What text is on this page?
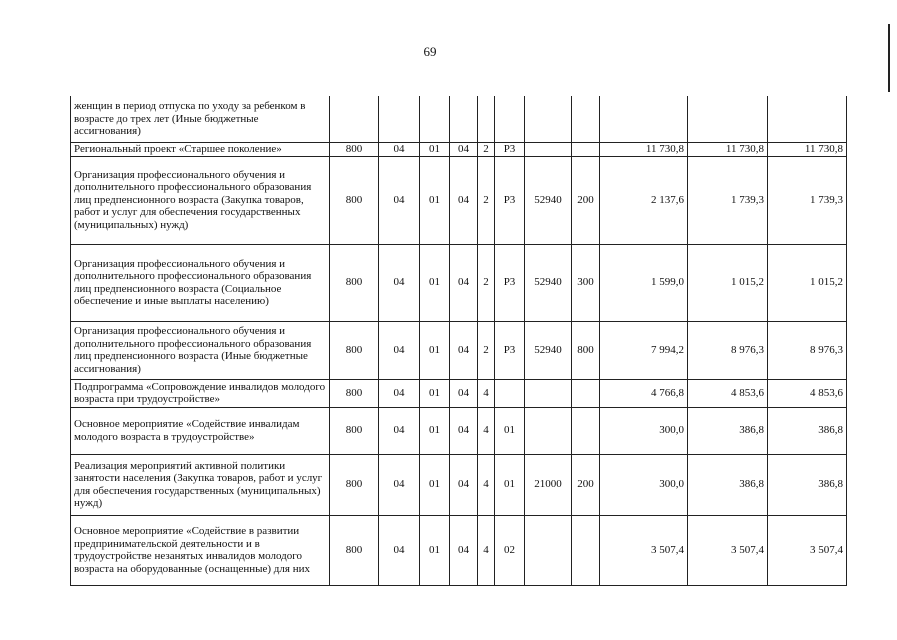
69
женщин в период отпуска по уходу за ребенком в возрасте до трех лет (Иные бюджетные ассигнования)											
Региональный проект «Старшее поколение»	800	04	01	04	2	P3			11 730,8	11 730,8	11 730,8
Организация профессионального обучения и дополнительного профессионального образования лиц предпенсионного возраста (Закупка товаров, работ и услуг для обеспечения государственных (муниципальных) нужд)	800	04	01	04	2	P3	52940	200	2 137,6	1 739,3	1 739,3
Организация профессионального обучения и дополнительного профессионального образования лиц предпенсионного возраста (Социальное обеспечение и иные выплаты населению)	800	04	01	04	2	P3	52940	300	1 599,0	1 015,2	1 015,2
Организация профессионального обучения и дополнительного профессионального образования лиц предпенсионного возраста (Иные бюджетные ассигнования)	800	04	01	04	2	P3	52940	800	7 994,2	8 976,3	8 976,3
Подпрограмма «Сопровождение инвалидов молодого возраста при трудоустройстве»	800	04	01	04	4				4 766,8	4 853,6	4 853,6
Основное мероприятие «Содействие инвалидам молодого возраста в трудоустройстве»	800	04	01	04	4	01			300,0	386,8	386,8
Реализация мероприятий активной политики занятости населения (Закупка товаров, работ и услуг для обеспечения государственных (муниципальных) нужд)	800	04	01	04	4	01	21000	200	300,0	386,8	386,8
Основное мероприятие «Содействие в развитии предпринимательской деятельности и в трудоустройстве незанятых инвалидов молодого возраста на оборудованные (оснащенные) для них	800	04	01	04	4	02			3 507,4	3 507,4	3 507,4
